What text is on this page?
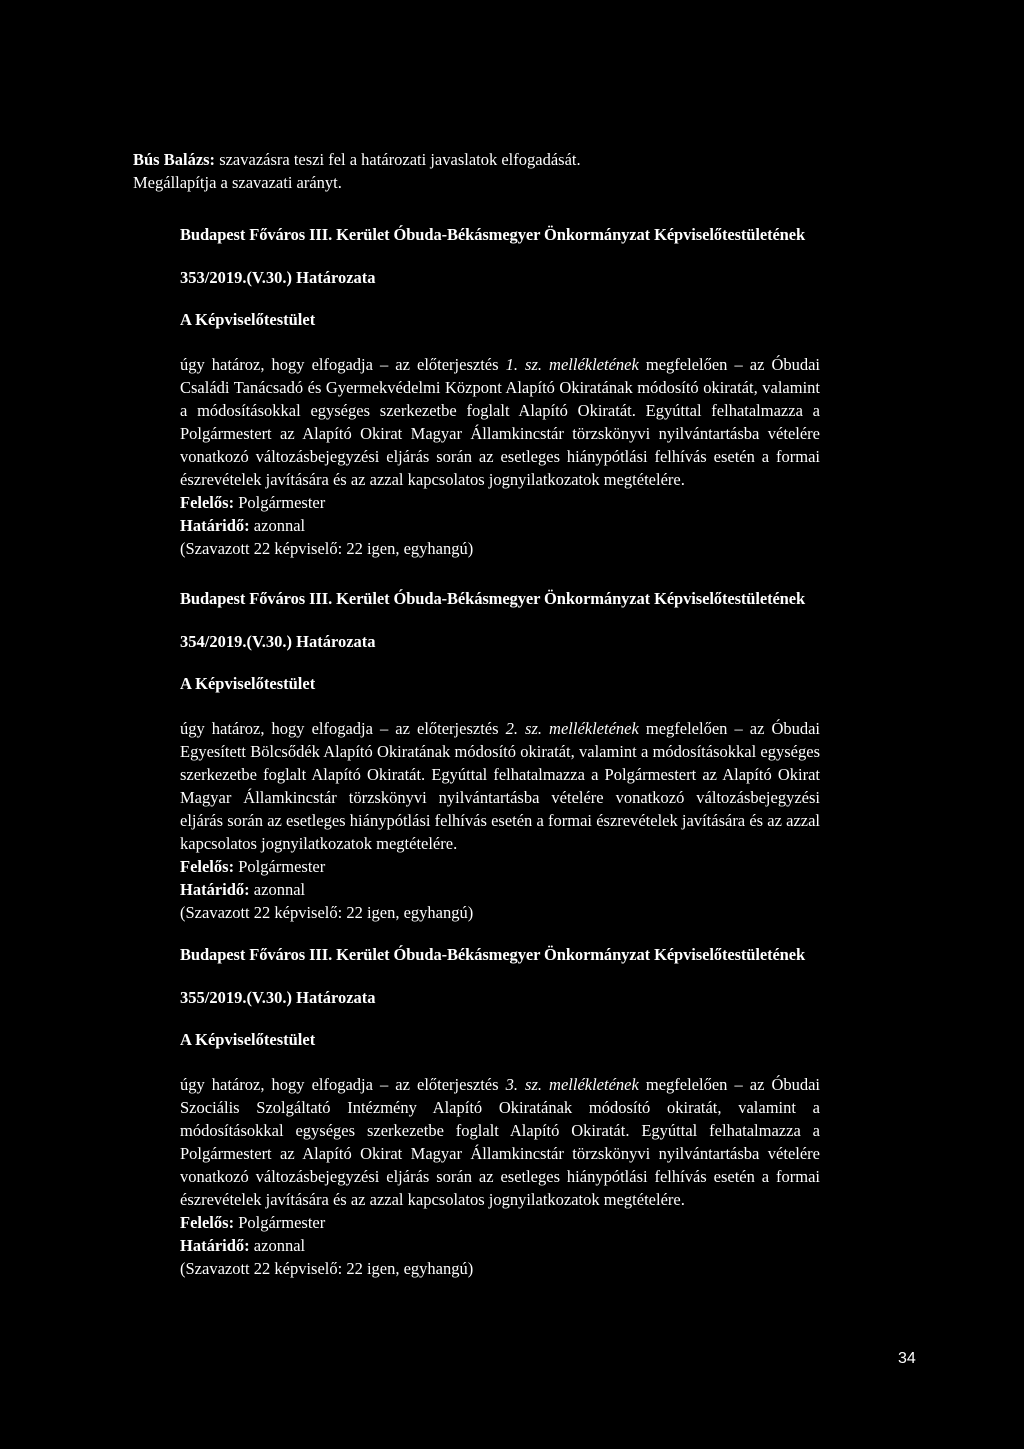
Bús Balázs: szavazásra teszi fel a határozati javaslatok elfogadását.

Megállapítja a szavazati arányt.

Budapest Főváros III. Kerület Óbuda-Békásmegyer Önkormányzat Képviselőtestületének

353/2019.(V.30.) Határozata

A Képviselőtestület

úgy határoz, hogy elfogadja – az előterjesztés 1. sz. mellékletének megfelelően – az Óbudai Családi Tanácsadó és Gyermekvédelmi Központ Alapító Okiratának módosító okiratát, valamint a módosításokkal egységes szerkezetbe foglalt Alapító Okiratát. Egyúttal felhatalmazza a Polgármestert az Alapító Okirat Magyar Államkincstár törzskönyvi nyilvántartásba vételére vonatkozó változásbejegyzési eljárás során az esetleges hiánypótlási felhívás esetén a formai észrevételek javítására és az azzal kapcsolatos jognyilatkozatok megtételére.

Felelős: Polgármester

Határidő: azonnal

(Szavazott 22 képviselő: 22 igen, egyhangú)

Budapest Főváros III. Kerület Óbuda-Békásmegyer Önkormányzat Képviselőtestületének

354/2019.(V.30.) Határozata

A Képviselőtestület

úgy határoz, hogy elfogadja – az előterjesztés 2. sz. mellékletének megfelelően – az Óbudai Egyesített Bölcsődék Alapító Okiratának módosító okiratát, valamint a módosításokkal egységes szerkezetbe foglalt Alapító Okiratát. Egyúttal felhatalmazza a Polgármestert az Alapító Okirat Magyar Államkincstár törzskönyvi nyilvántartásba vételére vonatkozó változásbejegyzési eljárás során az esetleges hiánypótlási felhívás esetén a formai észrevételek javítására és az azzal kapcsolatos jognyilatkozatok megtételére.

Felelős: Polgármester

Határidő: azonnal

(Szavazott 22 képviselő: 22 igen, egyhangú)

Budapest Főváros III. Kerület Óbuda-Békásmegyer Önkormányzat Képviselőtestületének

355/2019.(V.30.) Határozata

A Képviselőtestület

úgy határoz, hogy elfogadja – az előterjesztés 3. sz. mellékletének megfelelően – az Óbudai Szociális Szolgáltató Intézmény Alapító Okiratának módosító okiratát, valamint a módosításokkal egységes szerkezetbe foglalt Alapító Okiratát. Egyúttal felhatalmazza a Polgármestert az Alapító Okirat Magyar Államkincstár törzskönyvi nyilvántartásba vételére vonatkozó változásbejegyzési eljárás során az esetleges hiánypótlási felhívás esetén a formai észrevételek javítására és az azzal kapcsolatos jognyilatkozatok megtételére.

Felelős: Polgármester

Határidő: azonnal

(Szavazott 22 képviselő: 22 igen, egyhangú)

34
